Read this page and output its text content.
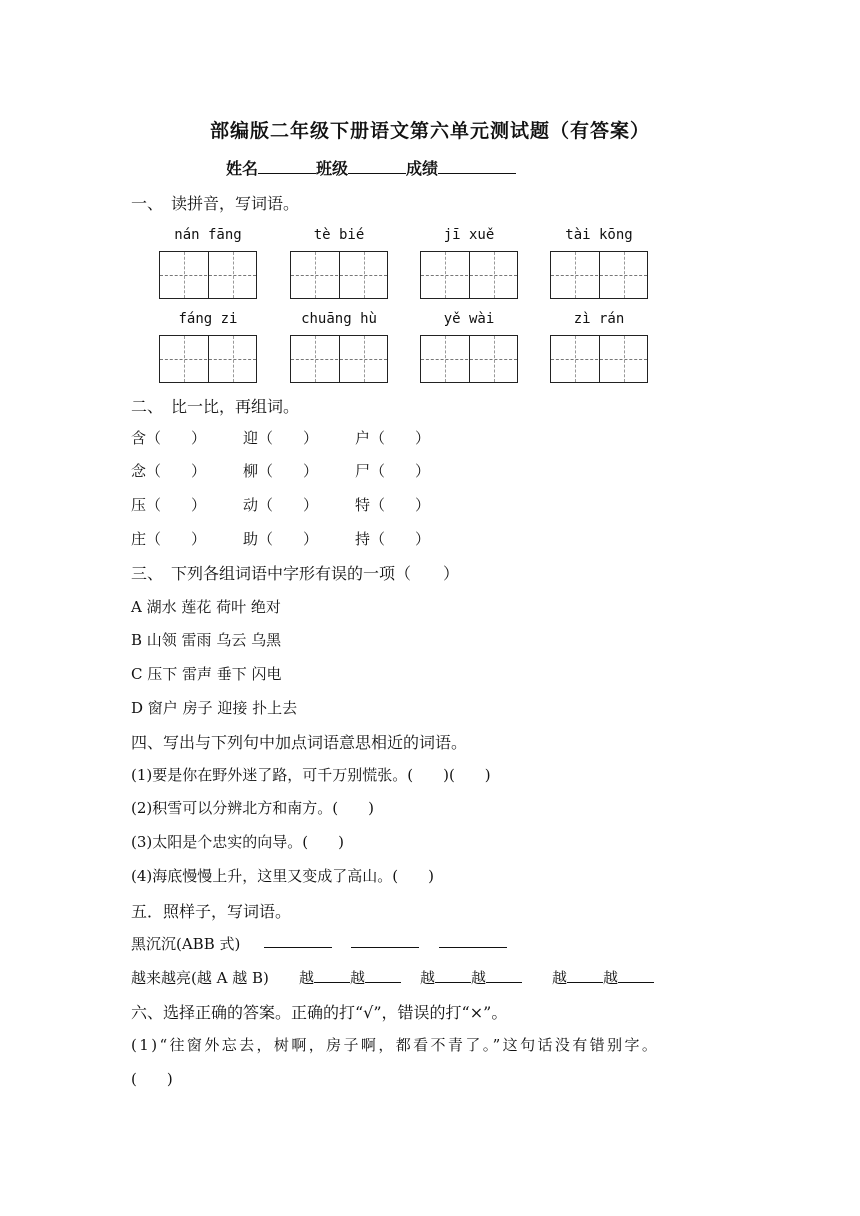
部编版二年级下册语文第六单元测试题（有答案）
姓名	班级	成绩
一、　读拼音，写词语。
nán fāng	tè bié	jī xuě	tài kōng
fáng zi	chuāng hù	yě wài	zì rán
二、　比一比，再组词。
含（　　） 迎（　　） 户（　　）
念（　　） 柳（　　） 尸（　　）
压（　　） 动（　　） 特（　　）
庄（　　） 助（　　） 持（　　）
三、　下列各组词语中字形有误的一项（　　）
A 湖水 莲花 荷叶 绝对
B 山领 雷雨 乌云 乌黑
C 压下 雷声 垂下 闪电
D 窗户 房子 迎接 扑上去
四、写出与下列句中加点词语意思相近的词语。
(1)要是你在野外迷了路，可千万别慌张。(　　)(　　)
(2)积雪可以分辨北方和南方。(　　)
(3)太阳是个忠实的向导。(　　)
(4)海底慢慢上升，这里又变成了高山。(　　)
五．照样子，写词语。
黑沉沉(ABB 式)
越来越亮(越 A 越 B) 越 越	越 越	越 越
六、选择正确的答案。正确的打“√”，错误的打“×”。
(1)“往窗外忘去，树啊，房子啊，都看不青了。”这句话没有错别字。
(　　)
